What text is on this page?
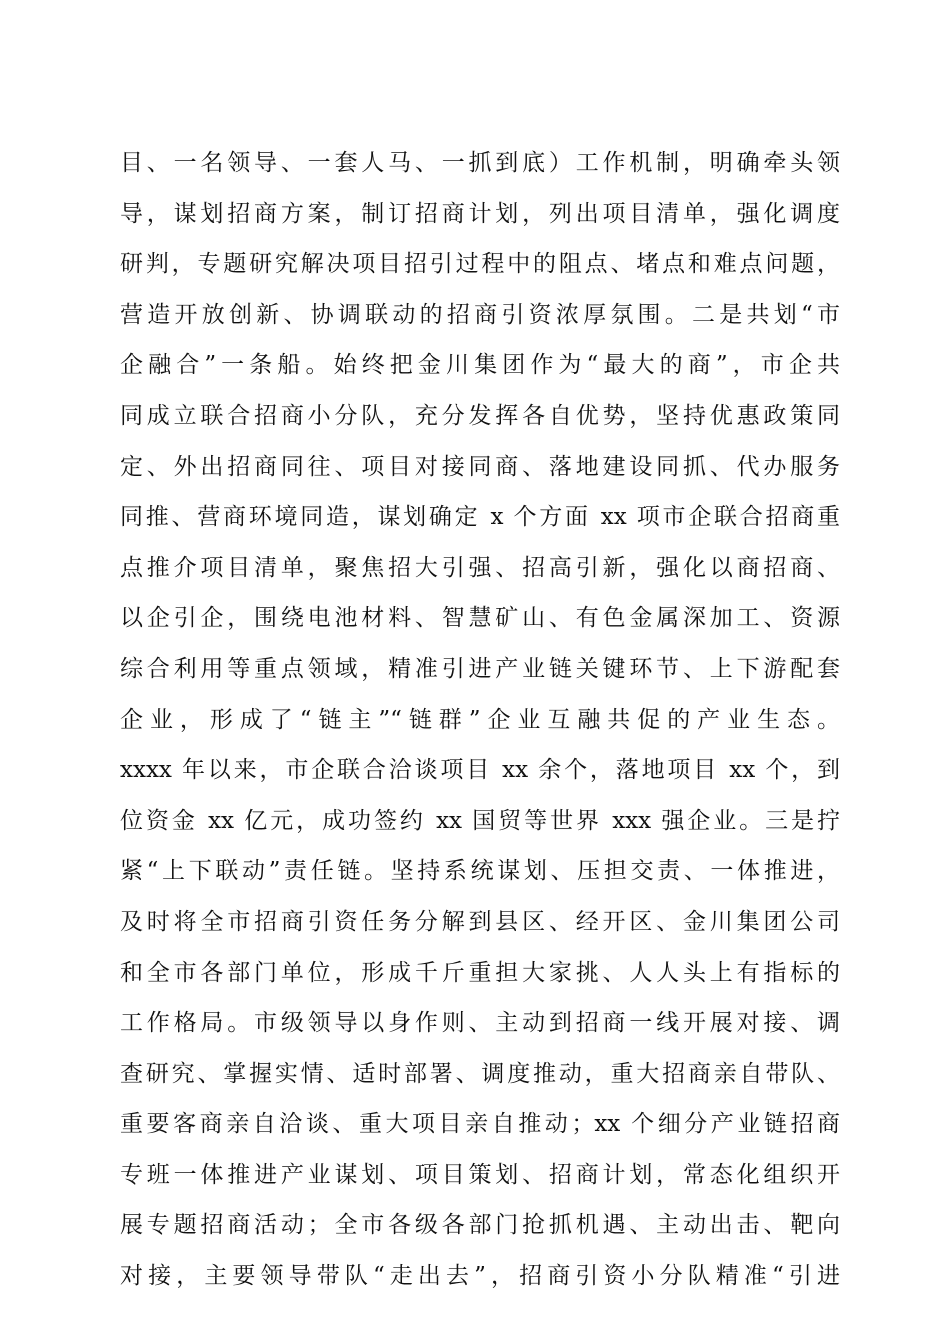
目、一名领导、一套人马、一抓到底）工作机制，明确牵头领
导，谋划招商方案，制订招商计划，列出项目清单，强化调度
研判，专题研究解决项目招引过程中的阻点、堵点和难点问题，
营造开放创新、协调联动的招商引资浓厚氛围。二是共划“市
企融合”一条船。始终把金川集团作为“最大的商”，市企共
同成立联合招商小分队，充分发挥各自优势，坚持优惠政策同
定、外出招商同往、项目对接同商、落地建设同抓、代办服务
同推、营商环境同造，谋划确定 x 个方面 xx 项市企联合招商重
点推介项目清单，聚焦招大引强、招高引新，强化以商招商、
以企引企，围绕电池材料、智慧矿山、有色金属深加工、资源
综合利用等重点领域，精准引进产业链关键环节、上下游配套
企业，形成了“链主”“链群”企业互融共促的产业生态。
xxxx 年以来，市企联合洽谈项目 xx 余个，落地项目 xx 个，到
位资金 xx 亿元，成功签约 xx 国贸等世界 xxx 强企业。三是拧
紧“上下联动”责任链。坚持系统谋划、压担交责、一体推进，
及时将全市招商引资任务分解到县区、经开区、金川集团公司
和全市各部门单位，形成千斤重担大家挑、人人头上有指标的
工作格局。市级领导以身作则、主动到招商一线开展对接、调
查研究、掌握实情、适时部署、调度推动，重大招商亲自带队、
重要客商亲自洽谈、重大项目亲自推动；xx 个细分产业链招商
专班一体推进产业谋划、项目策划、招商计划，常态化组织开
展专题招商活动；全市各级各部门抢抓机遇、主动出击、靶向
对接，主要领导带队“走出去”，招商引资小分队精准“引进
